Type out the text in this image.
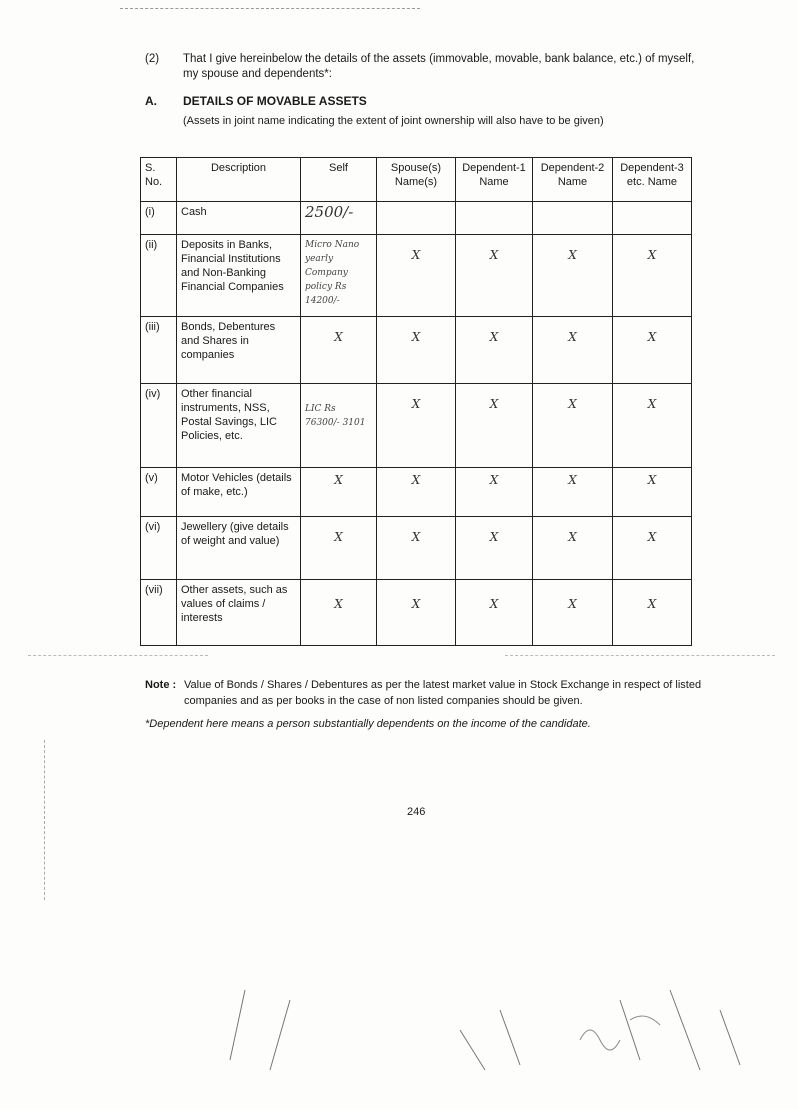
(2) That I give hereinbelow the details of the assets (immovable, movable, bank balance, etc.) of myself, my spouse and dependents*:
A. DETAILS OF MOVABLE ASSETS
(Assets in joint name indicating the extent of joint ownership will also have to be given)
S. No.	Description	Self	Spouse(s) Name(s)	Dependent-1 Name	Dependent-2 Name	Dependent-3 etc. Name
(i)	Cash	2500/-				
(ii)	Deposits in Banks, Financial Institutions and Non-Banking Financial Companies	Micro Nano yearly Company policy Rs 14200/-	X	X	X	X

(iii)	Bonds, Debentures and Shares in companies	X	X	X	X	X

(iv)	Other financial instruments, NSS, Postal Savings, LIC Policies, etc.	LIC Rs 76300/- 3101	X	X	X	X

(v)	Motor Vehicles (details of make, etc.)	X	X	X	X	X

(vi)	Jewellery (give details of weight and value)	X	X	X	X	X

(vii)	Other assets, such as values of claims / interests	X	X	X	X	X
Note : Value of Bonds / Shares / Debentures as per the latest market value in Stock Exchange in respect of listed companies and as per books in the case of non listed companies should be given.
*Dependent here means a person substantially dependents on the income of the candidate.
246
